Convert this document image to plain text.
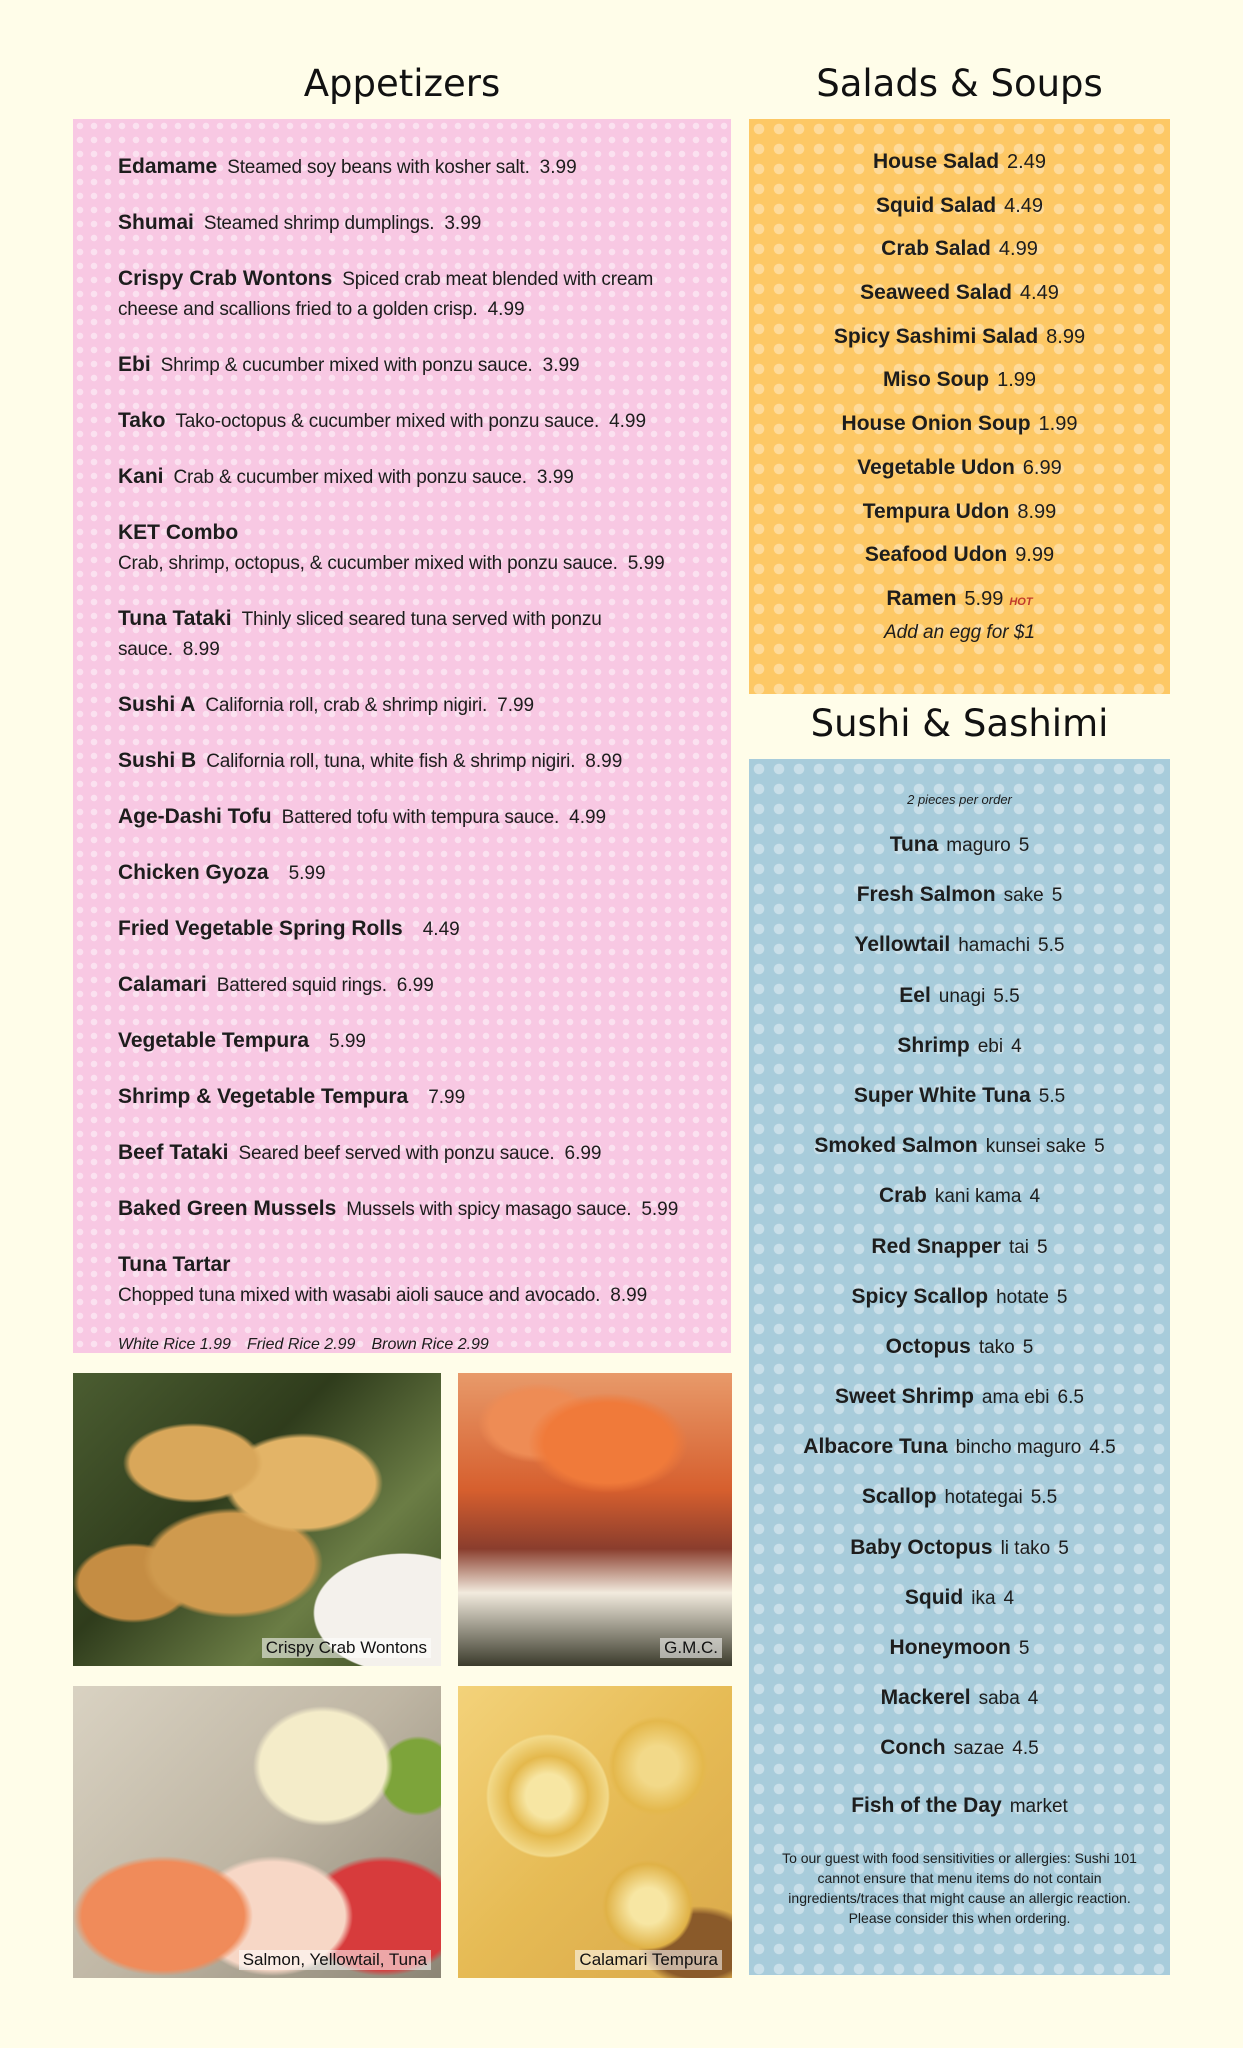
Appetizers	Salads & Soups
Sushi & Sashimi
Edamame Steamed soy beans with kosher salt. 3.99
Shumai Steamed shrimp dumplings. 3.99
Crispy Crab Wontons Spiced crab meat blended with cream cheese and scallions fried to a golden crisp. 4.99
Ebi Shrimp & cucumber mixed with ponzu sauce. 3.99
Tako Tako-octopus & cucumber mixed with ponzu sauce. 4.99
Kani Crab & cucumber mixed with ponzu sauce. 3.99
KET Combo
Crab, shrimp, octopus, & cucumber mixed with ponzu sauce. 5.99
Tuna Tataki Thinly sliced seared tuna served with ponzu sauce. 8.99
Sushi A California roll, crab & shrimp nigiri. 7.99
Sushi B California roll, tuna, white fish & shrimp nigiri. 8.99
Age-Dashi Tofu Battered tofu with tempura sauce. 4.99
Chicken Gyoza 5.99
Fried Vegetable Spring Rolls 4.49
Calamari Battered squid rings. 6.99
Vegetable Tempura 5.99
Shrimp & Vegetable Tempura 7.99
Beef Tataki Seared beef served with ponzu sauce. 6.99
Baked Green Mussels Mussels with spicy masago sauce. 5.99
Tuna Tartar
Chopped tuna mixed with wasabi aioli sauce and avocado. 8.99
White Rice 1.99 Fried Rice 2.99 Brown Rice 2.99
House Salad 2.49
Squid Salad 4.49
Crab Salad 4.99
Seaweed Salad 4.49
Spicy Sashimi Salad 8.99
Miso Soup 1.99
House Onion Soup 1.99
Vegetable Udon 6.99
Tempura Udon 8.99
Seafood Udon 9.99
Ramen 5.99 HOT

Add an egg for $1

2 pieces per order
Tuna maguro 5
Fresh Salmon sake 5
Yellowtail hamachi 5.5
Eel unagi 5.5
Shrimp ebi 4
Super White Tuna 5.5
Smoked Salmon kunsei sake 5
Crab kani kama 4
Red Snapper tai 5
Spicy Scallop hotate 5
Octopus tako 5
Sweet Shrimp ama ebi 6.5
Albacore Tuna bincho maguro 4.5
Scallop hotategai 5.5
Baby Octopus li tako 5
Squid ika 4
Honeymoon 5
Mackerel saba 4
Conch sazae 4.5
Fish of the Day market
To our guest with food sensitivities or allergies: Sushi 101 cannot ensure that menu items do not contain ingredients/traces that might cause an allergic reaction. Please consider this when ordering.
Crispy Crab Wontons	G.M.C.
Salmon, Yellowtail, Tuna	Calamari Tempura
